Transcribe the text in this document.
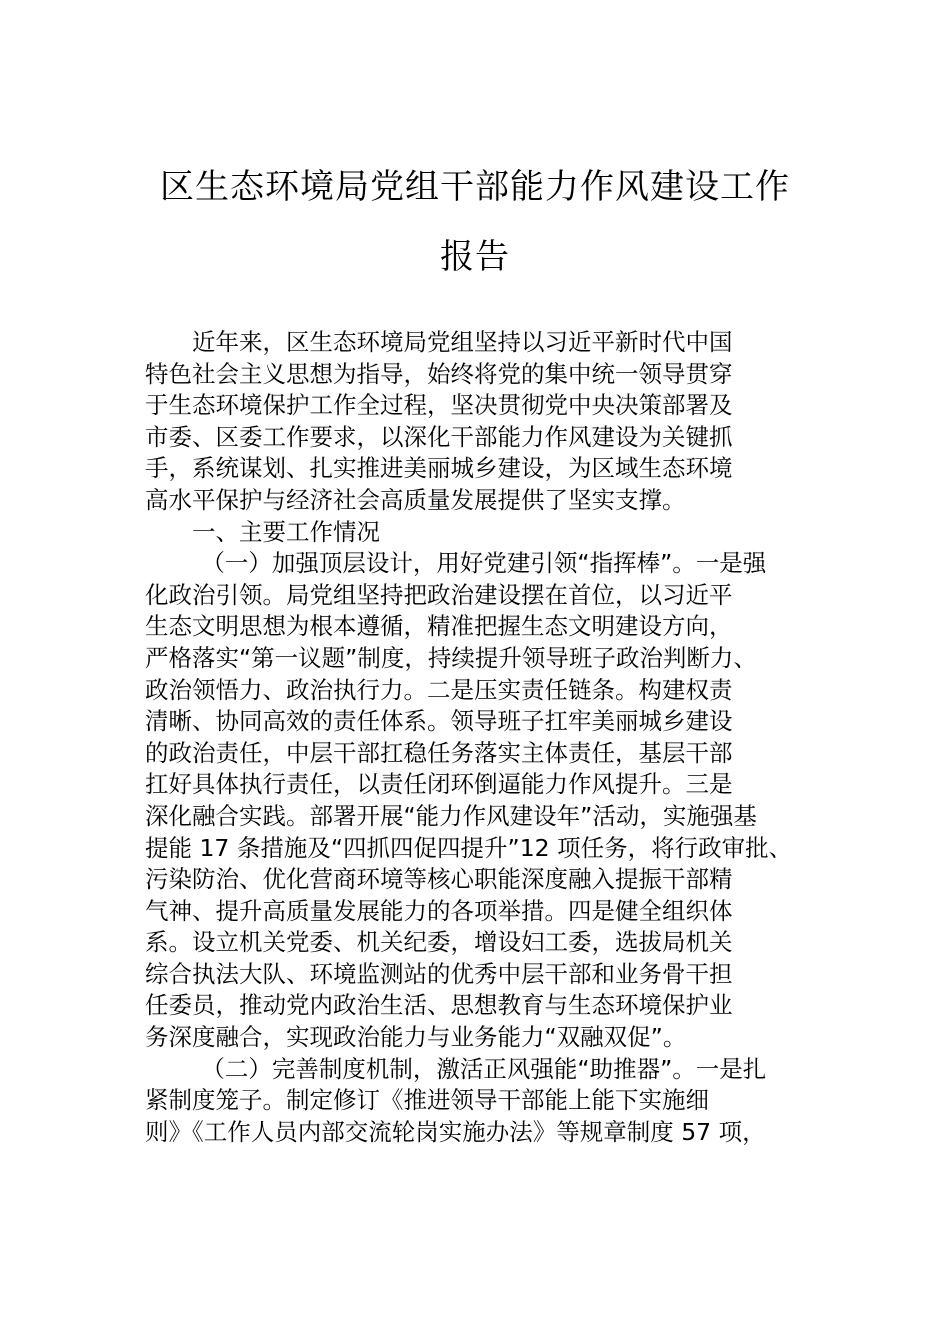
区生态环境局党组干部能力作风建设工作
报告
近年来，区生态环境局党组坚持以习近平新时代中国
特色社会主义思想为指导，始终将党的集中统一领导贯穿
于生态环境保护工作全过程，坚决贯彻党中央决策部署及
市委、区委工作要求，以深化干部能力作风建设为关键抓
手，系统谋划、扎实推进美丽城乡建设，为区域生态环境
高水平保护与经济社会高质量发展提供了坚实支撑。
一、主要工作情况
（一）加强顶层设计，用好党建引领“指挥棒”。一是强
化政治引领。局党组坚持把政治建设摆在首位，以习近平
生态文明思想为根本遵循，精准把握生态文明建设方向，
严格落实“第一议题”制度，持续提升领导班子政治判断力、
政治领悟力、政治执行力。二是压实责任链条。构建权责
清晰、协同高效的责任体系。领导班子扛牢美丽城乡建设
的政治责任，中层干部扛稳任务落实主体责任，基层干部
扛好具体执行责任，以责任闭环倒逼能力作风提升。三是
深化融合实践。部署开展“能力作风建设年”活动，实施强基
提能 17 条措施及“四抓四促四提升”12 项任务，将行政审批、
污染防治、优化营商环境等核心职能深度融入提振干部精
气神、提升高质量发展能力的各项举措。四是健全组织体
系。设立机关党委、机关纪委，增设妇工委，选拔局机关
综合执法大队、环境监测站的优秀中层干部和业务骨干担
任委员，推动党内政治生活、思想教育与生态环境保护业
务深度融合，实现政治能力与业务能力“双融双促”。
（二）完善制度机制，激活正风强能“助推器”。一是扎
紧制度笼子。制定修订《推进领导干部能上能下实施细
则》《工作人员内部交流轮岗实施办法》等规章制度 57 项，
